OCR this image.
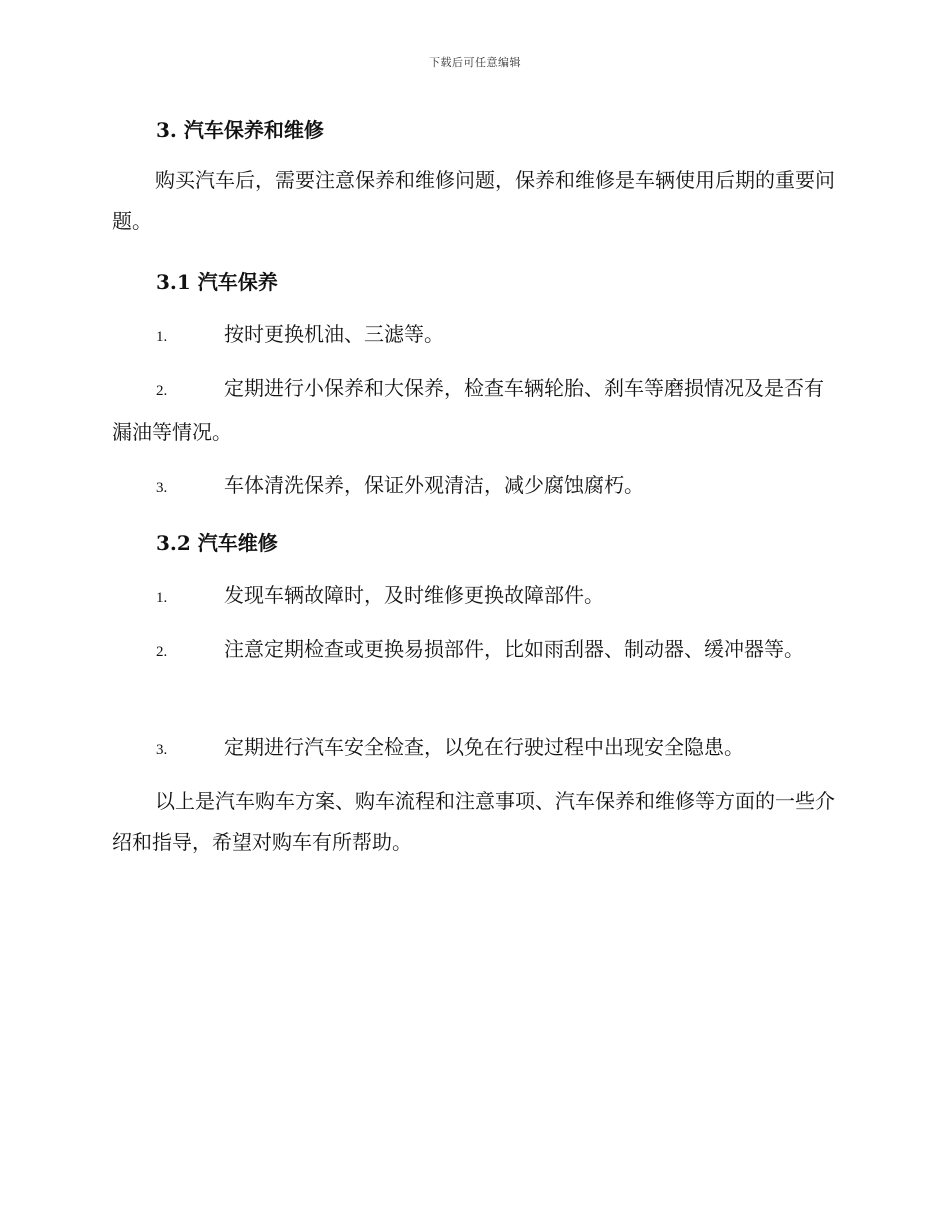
下载后可任意编辑
3. 汽车保养和维修
购买汽车后，需要注意保养和维修问题，保养和维修是车辆使用后期的重要问题。
3.1 汽车保养
1.	按时更换机油、三滤等。
2.	定期进行小保养和大保养，检查车辆轮胎、刹车等磨损情况及是否有漏油等情况。
3.	车体清洗保养，保证外观清洁，减少腐蚀腐朽。
3.2 汽车维修
1.	发现车辆故障时，及时维修更换故障部件。
2.	注意定期检查或更换易损部件，比如雨刮器、制动器、缓冲器等。
3.	定期进行汽车安全检查，以免在行驶过程中出现安全隐患。
以上是汽车购车方案、购车流程和注意事项、汽车保养和维修等方面的一些介绍和指导，希望对购车有所帮助。
